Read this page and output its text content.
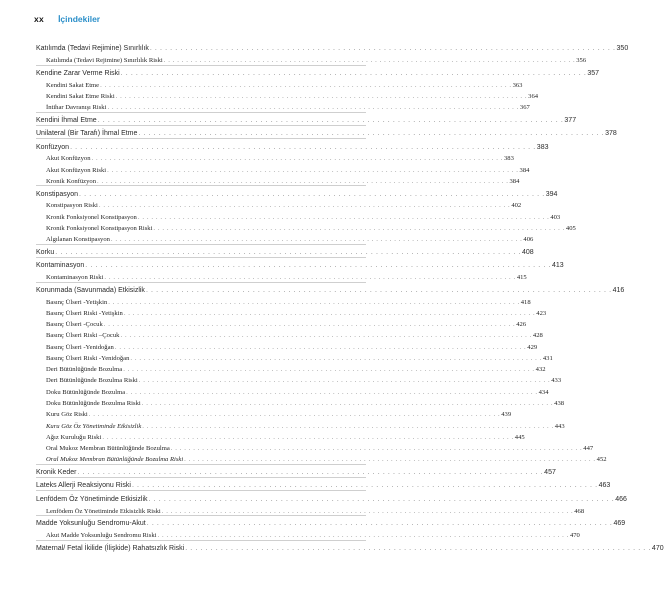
xx İçindekiler
Katılımda (Tedavi Rejimine) Sınırlılık . . . . . . . . . . . . . . . . . . . . . . . . . . . . . . . . . . . . . . . . . . . . . . . . . . . . . . . . . . . . . . . . . . . . . . . . . . . . . . . . . . . . . . . . . . . . 350
Katılımda (Tedavi Rejimine) Sınırlılık Riski . . . . . . . . . . . . . . . . . . . . . . . . . . . . . . . . . . . . . . . . . . . . . . . . . . . . . . . . . . . . . . . . . . . . . . . . . . . . . . . . . . . . . . . . . . . . 356
Kendine Zarar Verme Riski . . . . . . . . . . . . . . . . . . . . . . . . . . . . . . . . . . . . . . . . . . . . . . . . . . . . . . . . . . . . . . . . . . . . . . . . . . . . . . . . . . . . . . . . . . . . 357
Kendini Sakat Etme . . . . . . . . . . . . . . . . . . . . . . . . . . . . . . . . . . . . . . . . . . . . . . . . . . . . . . . . . . . . . . . . . . . . . . . . . . . . . . . . . . . . . . . . . . . . 363
Kendini Sakat Etme Riski . . . . . . . . . . . . . . . . . . . . . . . . . . . . . . . . . . . . . . . . . . . . . . . . . . . . . . . . . . . . . . . . . . . . . . . . . . . . . . . . . . . . . . . . . . . . 364
İntihar Davranışı Riski . . . . . . . . . . . . . . . . . . . . . . . . . . . . . . . . . . . . . . . . . . . . . . . . . . . . . . . . . . . . . . . . . . . . . . . . . . . . . . . . . . . . . . . . . . . . 367
Kendini İhmal Etme . . . . . . . . . . . . . . . . . . . . . . . . . . . . . . . . . . . . . . . . . . . . . . . . . . . . . . . . . . . . . . . . . . . . . . . . . . . . . . . . . . . . . . . . . . . . 377
Unilateral (Bir Tarafı) İhmal Etme . . . . . . . . . . . . . . . . . . . . . . . . . . . . . . . . . . . . . . . . . . . . . . . . . . . . . . . . . . . . . . . . . . . . . . . . . . . . . . . . . . . . . . . . . . . . 378
Konfüzyon . . . . . . . . . . . . . . . . . . . . . . . . . . . . . . . . . . . . . . . . . . . . . . . . . . . . . . . . . . . . . . . . . . . . . . . . . . . . . . . . . . . . . . . . . . . . 383
Akut Konfüzyon . . . . . . . . . . . . . . . . . . . . . . . . . . . . . . . . . . . . . . . . . . . . . . . . . . . . . . . . . . . . . . . . . . . . . . . . . . . . . . . . . . . . . . . . . . . . 383
Akut Konfüzyon Riski . . . . . . . . . . . . . . . . . . . . . . . . . . . . . . . . . . . . . . . . . . . . . . . . . . . . . . . . . . . . . . . . . . . . . . . . . . . . . . . . . . . . . . . . . . . . 384
Kronik Konfüzyon . . . . . . . . . . . . . . . . . . . . . . . . . . . . . . . . . . . . . . . . . . . . . . . . . . . . . . . . . . . . . . . . . . . . . . . . . . . . . . . . . . . . . . . . . . . . 384
Konstipasyon . . . . . . . . . . . . . . . . . . . . . . . . . . . . . . . . . . . . . . . . . . . . . . . . . . . . . . . . . . . . . . . . . . . . . . . . . . . . . . . . . . . . . . . . . . . . 394
Konstipasyon Riski . . . . . . . . . . . . . . . . . . . . . . . . . . . . . . . . . . . . . . . . . . . . . . . . . . . . . . . . . . . . . . . . . . . . . . . . . . . . . . . . . . . . . . . . . . . . 402
Kronik Fonksiyonel Konstipasyon . . . . . . . . . . . . . . . . . . . . . . . . . . . . . . . . . . . . . . . . . . . . . . . . . . . . . . . . . . . . . . . . . . . . . . . . . . . . . . . . . . . . . . . . . . . . 403
Kronik Fonksiyonel Konstipasyon Riski . . . . . . . . . . . . . . . . . . . . . . . . . . . . . . . . . . . . . . . . . . . . . . . . . . . . . . . . . . . . . . . . . . . . . . . . . . . . . . . . . . . . . . . . . . . . 405
Algılanan Konstipasyon . . . . . . . . . . . . . . . . . . . . . . . . . . . . . . . . . . . . . . . . . . . . . . . . . . . . . . . . . . . . . . . . . . . . . . . . . . . . . . . . . . . . . . . . . . . . 406
Korku . . . . . . . . . . . . . . . . . . . . . . . . . . . . . . . . . . . . . . . . . . . . . . . . . . . . . . . . . . . . . . . . . . . . . . . . . . . . . . . . . . . . . . . . . . . . 408
Kontaminasyon . . . . . . . . . . . . . . . . . . . . . . . . . . . . . . . . . . . . . . . . . . . . . . . . . . . . . . . . . . . . . . . . . . . . . . . . . . . . . . . . . . . . . . . . . . . . 413
Kontaminasyon Riski . . . . . . . . . . . . . . . . . . . . . . . . . . . . . . . . . . . . . . . . . . . . . . . . . . . . . . . . . . . . . . . . . . . . . . . . . . . . . . . . . . . . . . . . . . . . 415
Korunmada (Savunmada) Etkisizlik . . . . . . . . . . . . . . . . . . . . . . . . . . . . . . . . . . . . . . . . . . . . . . . . . . . . . . . . . . . . . . . . . . . . . . . . . . . . . . . . . . . . . . . . . . . . 416
Basınç Ülseri -Yetişkin . . . . . . . . . . . . . . . . . . . . . . . . . . . . . . . . . . . . . . . . . . . . . . . . . . . . . . . . . . . . . . . . . . . . . . . . . . . . . . . . . . . . . . . . . . . . 418
Basınç Ülseri Riski -Yetişkin . . . . . . . . . . . . . . . . . . . . . . . . . . . . . . . . . . . . . . . . . . . . . . . . . . . . . . . . . . . . . . . . . . . . . . . . . . . . . . . . . . . . . . . . . . . . 423
Basınç Ülseri -Çocuk . . . . . . . . . . . . . . . . . . . . . . . . . . . . . . . . . . . . . . . . . . . . . . . . . . . . . . . . . . . . . . . . . . . . . . . . . . . . . . . . . . . . . . . . . . . . 426
Basınç Ülseri Riski –Çocuk . . . . . . . . . . . . . . . . . . . . . . . . . . . . . . . . . . . . . . . . . . . . . . . . . . . . . . . . . . . . . . . . . . . . . . . . . . . . . . . . . . . . . . . . . . . . 428
Basınç Ülseri -Yenidoğan . . . . . . . . . . . . . . . . . . . . . . . . . . . . . . . . . . . . . . . . . . . . . . . . . . . . . . . . . . . . . . . . . . . . . . . . . . . . . . . . . . . . . . . . . . . . 429
Basınç Ülseri Riski -Yenidoğan . . . . . . . . . . . . . . . . . . . . . . . . . . . . . . . . . . . . . . . . . . . . . . . . . . . . . . . . . . . . . . . . . . . . . . . . . . . . . . . . . . . . . . . . . . . . 431
Deri Bütünlüğünde Bozulma . . . . . . . . . . . . . . . . . . . . . . . . . . . . . . . . . . . . . . . . . . . . . . . . . . . . . . . . . . . . . . . . . . . . . . . . . . . . . . . . . . . . . . . . . . . . 432
Deri Bütünlüğünde Bozulma Riski . . . . . . . . . . . . . . . . . . . . . . . . . . . . . . . . . . . . . . . . . . . . . . . . . . . . . . . . . . . . . . . . . . . . . . . . . . . . . . . . . . . . . . . . . . . . 433
Doku Bütünlüğünde Bozulma . . . . . . . . . . . . . . . . . . . . . . . . . . . . . . . . . . . . . . . . . . . . . . . . . . . . . . . . . . . . . . . . . . . . . . . . . . . . . . . . . . . . . . . . . . . . 434
Doku Bütünlüğünde Bozulma Riski . . . . . . . . . . . . . . . . . . . . . . . . . . . . . . . . . . . . . . . . . . . . . . . . . . . . . . . . . . . . . . . . . . . . . . . . . . . . . . . . . . . . . . . . . . . . 438
Kuru Göz Riski . . . . . . . . . . . . . . . . . . . . . . . . . . . . . . . . . . . . . . . . . . . . . . . . . . . . . . . . . . . . . . . . . . . . . . . . . . . . . . . . . . . . . . . . . . . . 439
Kuru Göz Öz Yönetiminde Etkisizlik . . . . . . . . . . . . . . . . . . . . . . . . . . . . . . . . . . . . . . . . . . . . . . . . . . . . . . . . . . . . . . . . . . . . . . . . . . . . . . . . . . . . . . . . . . . . 443
Ağız Kuruluğu Riski . . . . . . . . . . . . . . . . . . . . . . . . . . . . . . . . . . . . . . . . . . . . . . . . . . . . . . . . . . . . . . . . . . . . . . . . . . . . . . . . . . . . . . . . . . . . 445
Oral Mukoz Membran Bütünlüğünde Bozulma . . . . . . . . . . . . . . . . . . . . . . . . . . . . . . . . . . . . . . . . . . . . . . . . . . . . . . . . . . . . . . . . . . . . . . . . . . . . . . . . . . . . . . . . . . . . 447
Oral Mukoz Membran Bütünlüğünde Bozulma Riski . . . . . . . . . . . . . . . . . . . . . . . . . . . . . . . . . . . . . . . . . . . . . . . . . . . . . . . . . . . . . . . . . . . . . . . . . . . . . . . . . . . . . . . . . . . . 452
Kronik Keder . . . . . . . . . . . . . . . . . . . . . . . . . . . . . . . . . . . . . . . . . . . . . . . . . . . . . . . . . . . . . . . . . . . . . . . . . . . . . . . . . . . . . . . . . . . . 457
Lateks Allerji Reaksiyonu Riski . . . . . . . . . . . . . . . . . . . . . . . . . . . . . . . . . . . . . . . . . . . . . . . . . . . . . . . . . . . . . . . . . . . . . . . . . . . . . . . . . . . . . . . . . . . . 463
Lenfödem Öz Yönetiminde Etkisizlik . . . . . . . . . . . . . . . . . . . . . . . . . . . . . . . . . . . . . . . . . . . . . . . . . . . . . . . . . . . . . . . . . . . . . . . . . . . . . . . . . . . . . . . . . . . . 466
Lenfödem Öz Yönetiminde Etkisizlik Riski . . . . . . . . . . . . . . . . . . . . . . . . . . . . . . . . . . . . . . . . . . . . . . . . . . . . . . . . . . . . . . . . . . . . . . . . . . . . . . . . . . . . . . . . . . . . 468
Madde Yoksunluğu Sendromu-Akut . . . . . . . . . . . . . . . . . . . . . . . . . . . . . . . . . . . . . . . . . . . . . . . . . . . . . . . . . . . . . . . . . . . . . . . . . . . . . . . . . . . . . . . . . . . . 469
Akut Madde Yoksunluğu Sendromu Riski . . . . . . . . . . . . . . . . . . . . . . . . . . . . . . . . . . . . . . . . . . . . . . . . . . . . . . . . . . . . . . . . . . . . . . . . . . . . . . . . . . . . . . . . . . . . 470
Maternal/ Fetal İkilide (İlişkide) Rahatsızlık Riski . . . . . . . . . . . . . . . . . . . . . . . . . . . . . . . . . . . . . . . . . . . . . . . . . . . . . . . . . . . . . . . . . . . . . . . . . . . . . . . . . . . . . . . . . . . . 470
